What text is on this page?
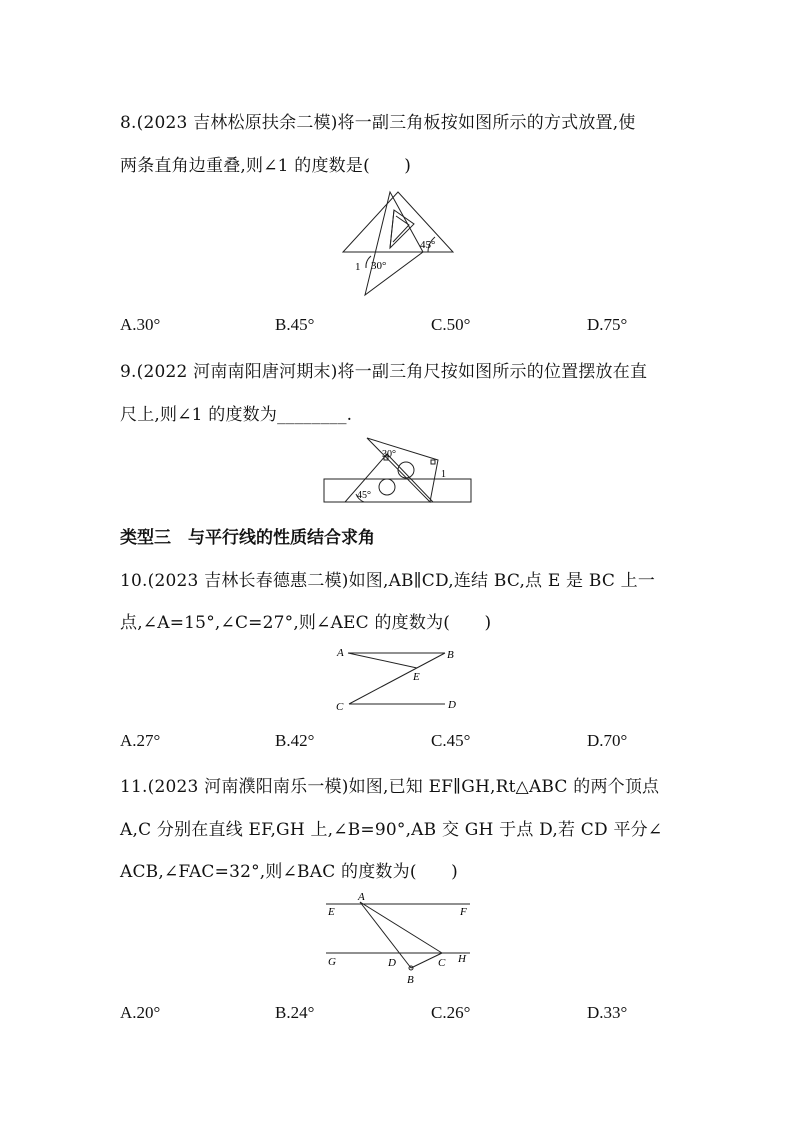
8.(2023 吉林松原扶余二模)将一副三角板按如图所示的方式放置,使
两条直角边重叠,则∠1 的度数是(　　)
45°
30°
1
A.30°	B.45°	C.50°	D.75°
9.(2022 河南南阳唐河期末)将一副三角尺按如图所示的位置摆放在直
尺上,则∠1 的度数为________.
30°
45°
1
类型三　与平行线的性质结合求角
10.(2023 吉林长春德惠二模)如图,AB∥CD,连结 BC,点 E 是 BC 上一
点,∠A=15°,∠C=27°,则∠AEC 的度数为(　　)
A	B
E
C	D
A.27°	B.42°	C.45°	D.70°
11.(2023 河南濮阳南乐一模)如图,已知 EF∥GH,Rt△ABC 的两个顶点
A,C 分别在直线 EF,GH 上,∠B=90°,AB 交 GH 于点 D,若 CD 平分∠
ACB,∠FAC=32°,则∠BAC 的度数为(　　)
A
E	F
G	D	C H
B
A.20°	B.24°	C.26°	D.33°
